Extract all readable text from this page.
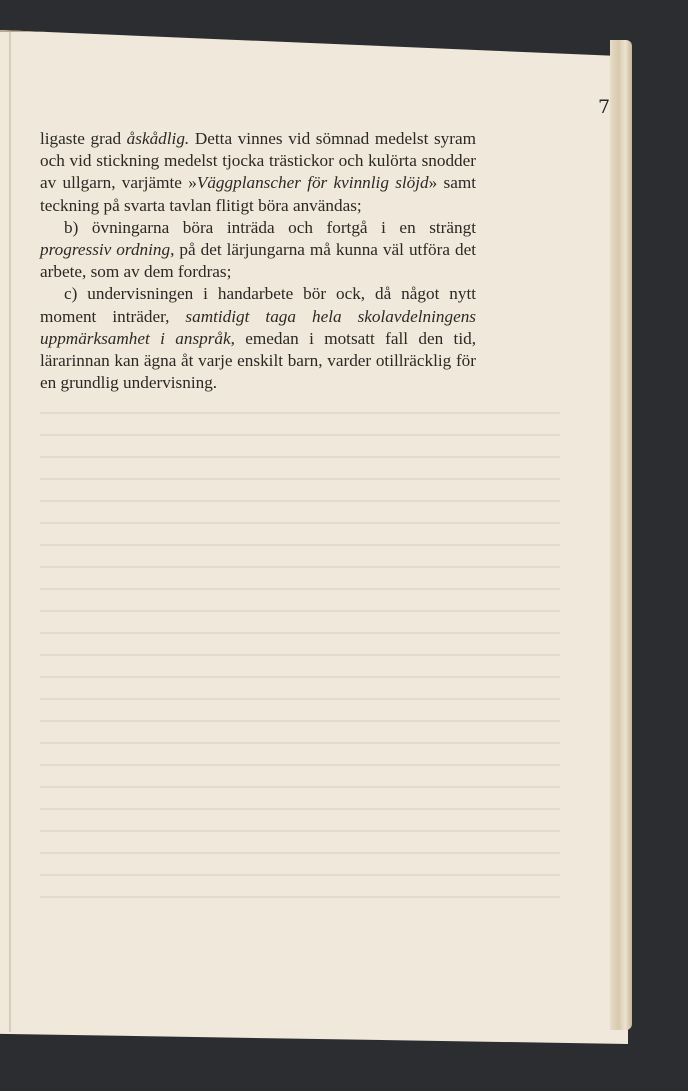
7

ligaste grad åskådlig. Detta vinnes vid sömnad medelst syram och vid stickning medelst tjocka trästickor och kulörta snodder av ullgarn, varjämte »Väggplanscher för kvinnlig slöjd» samt teckning på svarta tavlan flitigt böra användas;

b) övningarna böra inträda och fortgå i en strängt progressiv ordning, på det lärjungarna må kunna väl utföra det arbete, som av dem fordras;

c) undervisningen i handarbete bör ock, då något nytt moment inträder, samtidigt taga hela skolavdelningens uppmärksamhet i anspråk, emedan i motsatt fall den tid, lärarinnan kan ägna åt varje enskilt barn, varder otillräcklig för en grundlig undervisning.
